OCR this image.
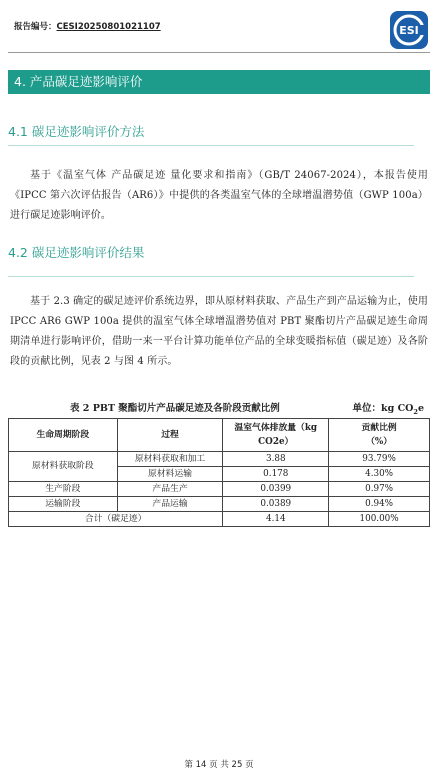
报告编号：CESI20250801021107	ESI
4. 产品碳足迹影响评价
4.1 碳足迹影响评价方法
基于《温室气体 产品碳足迹 量化要求和指南》（GB/T 24067-2024），本报告使用《IPCC 第六次评估报告（AR6）》中提供的各类温室气体的全球增温潜势值（GWP 100a）进行碳足迹影响评价。
4.2 碳足迹影响评价结果
基于 2.3 确定的碳足迹评价系统边界，即从原材料获取、产品生产到产品运输为止，使用 IPCC AR6 GWP 100a 提供的温室气体全球增温潜势值对 PBT 聚酯切片产品碳足迹生命周期清单进行影响评价，借助一来一平台计算功能单位产品的全球变暖指标值（碳足迹）及各阶段的贡献比例，见表 2 与图 4 所示。
表 2 PBT 聚酯切片产品碳足迹及各阶段贡献比例	单位：kg $CO_2e$
生命周期阶段	过程	温室气体排放量（kg CO2e）	贡献比例
（%）
原材料获取阶段	原材料获取和加工	3.88	93.79%
	原材料运输	0.178	4.30%
生产阶段	产品生产	0.0399	0.97%
运输阶段	产品运输	0.0389	0.94%
合计（碳足迹）		4.14	100.00%
第 14 页 共 25 页
